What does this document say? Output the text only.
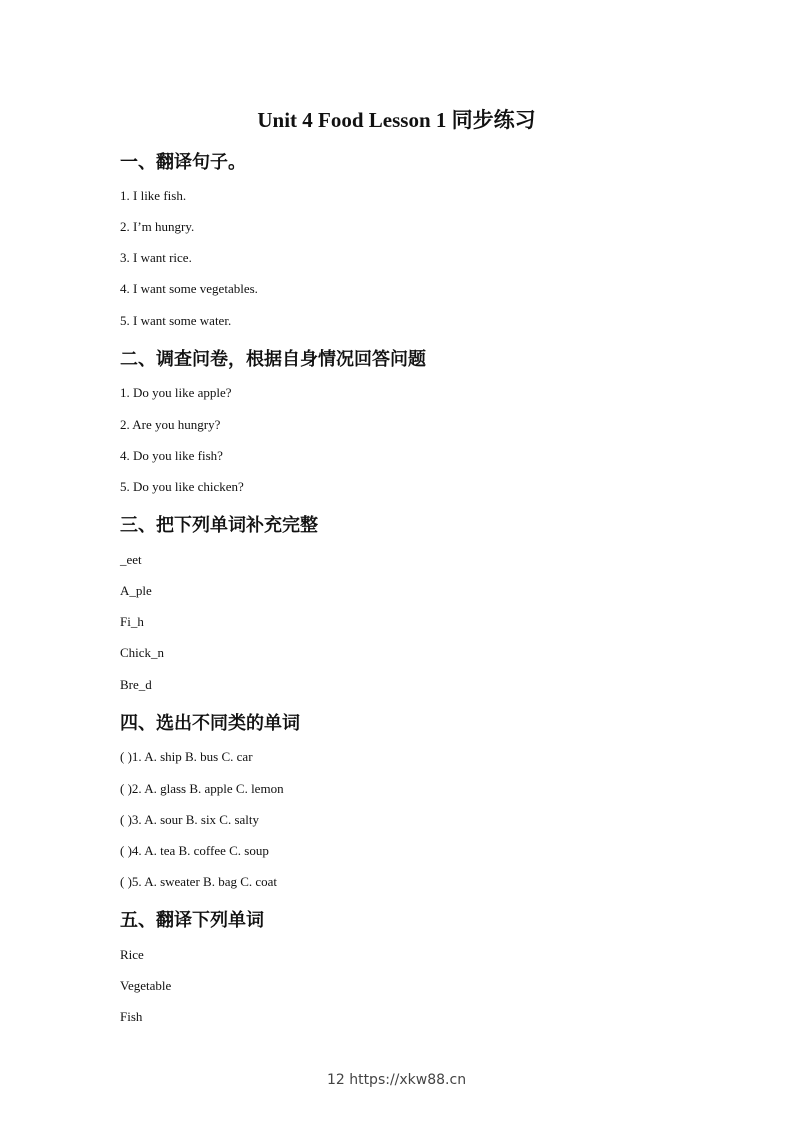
Unit 4 Food Lesson 1 同步练习
一、翻译句子。
1. I like fish.
2. I’m hungry.
3. I want rice.
4. I want some vegetables.
5. I want some water.
二、调查问卷，根据自身情况回答问题
1. Do you like apple?
2. Are you hungry?
4. Do you like fish?
5. Do you like chicken?
三、把下列单词补充完整
_eet
A_ple
Fi_h
Chick_n
Bre_d
四、选出不同类的单词
( )1. A. ship B. bus C. car
( )2. A. glass B. apple C. lemon
( )3. A. sour B. six C. salty
( )4. A. tea B. coffee C. soup
( )5. A. sweater B. bag C. coat
五、翻译下列单词
Rice
Vegetable
Fish
12 https://xkw88.cn
